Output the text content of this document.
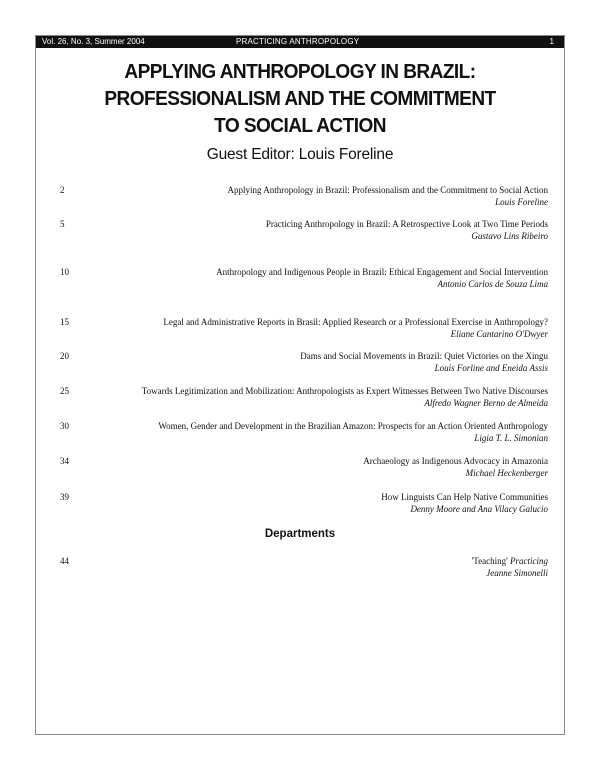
Vol. 26, No. 3, Summer 2004	PRACTICING ANTHROPOLOGY	1
APPLYING ANTHROPOLOGY IN BRAZIL:
PROFESSIONALISM AND THE COMMITMENT
TO SOCIAL ACTION
Guest Editor: Louis Foreline
2	Applying Anthropology in Brazil: Professionalism and the Commitment to Social Action
Louis Foreline
5	Practicing Anthropology in Brazil: A Retrospective Look at Two Time Periods
Gustavo Lins Ribeiro
10	Anthropology and Indigenous People in Brazil: Ethical Engagement and Social Intervention
Antonio Carlos de Souza Lima
15	Legal and Administrative Reports in Brasil: Applied Research or a Professional Exercise in Anthropology?
Eliane Cantarino O'Dwyer
20	Dams and Social Movements in Brazil: Quiet Victories on the Xingu
Louis Forline and Eneida Assis
25	Towards Legitimization and Mobilization: Anthropologists as Expert Witnesses Between Two Native Discourses
Alfredo Wagner Berno de Almeida
30	Women, Gender and Development in the Brazilian Amazon: Prospects for an Action Oriented Anthropology
Ligia T. L. Simonian
34	Archaeology as Indigenous Advocacy in Amazonia
Michael Heckenberger
39	How Linguists Can Help Native Communities
Denny Moore and Ana Vilacy Galucio
Departments
44	'Teaching' Practicing
Jeanne Simonelli
